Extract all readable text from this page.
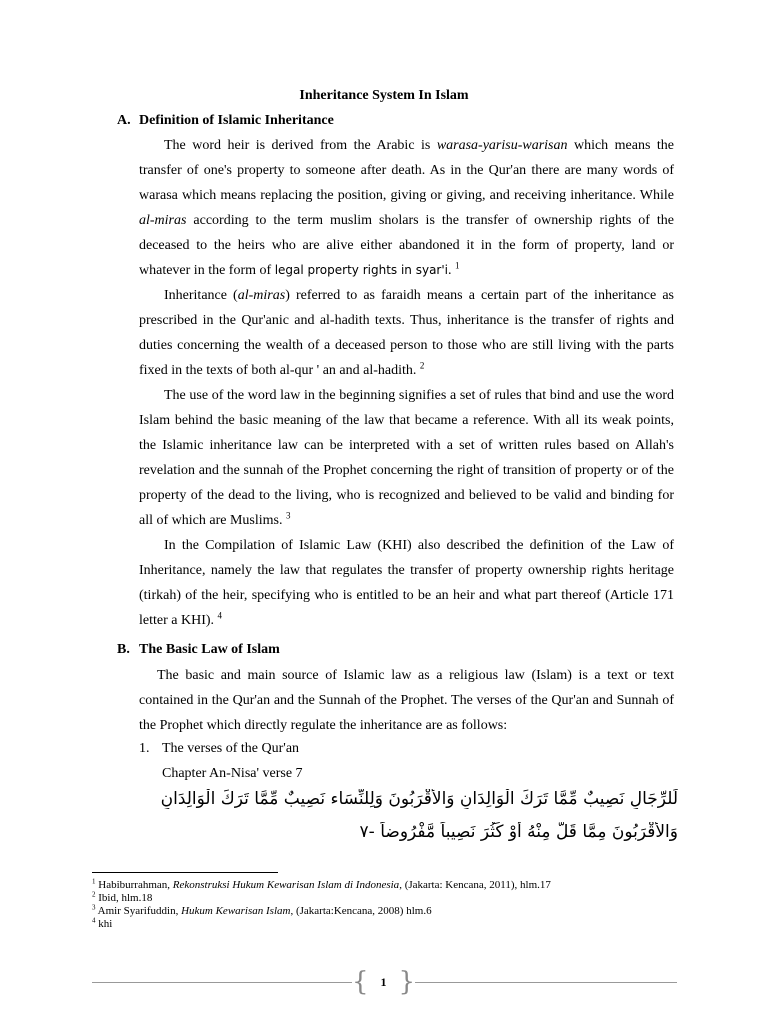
Inheritance System In Islam
A. Definition of Islamic Inheritance

The word heir is derived from the Arabic is warasa-yarisu-warisan which means the transfer of one's property to someone after death. As in the Qur'an there are many words of warasa which means replacing the position, giving or giving, and receiving inheritance. While al-miras according to the term muslim sholars is the transfer of ownership rights of the deceased to the heirs who are alive either abandoned it in the form of property, land or whatever in the form of legal property rights in syar'i. $^1$

Inheritance (al-miras) referred to as faraidh means a certain part of the inheritance as prescribed in the Qur'anic and al-hadith texts. Thus, inheritance is the transfer of rights and duties concerning the wealth of a deceased person to those who are still living with the parts fixed in the texts of both al-qur ' an and al-hadith. $^2$

The use of the word law in the beginning signifies a set of rules that bind and use the word Islam behind the basic meaning of the law that became a reference. With all its weak points, the Islamic inheritance law can be interpreted with a set of written rules based on Allah's revelation and the sunnah of the Prophet concerning the right of transition of property or of the property of the dead to the living, who is recognized and believed to be valid and binding for all of which are Muslims. $^3$

In the Compilation of Islamic Law (KHI) also described the definition of the Law of Inheritance, namely the law that regulates the transfer of property ownership rights heritage (tirkah) of the heir, specifying who is entitled to be an heir and what part thereof (Article 171 letter a KHI). $^4$

B. The Basic Law of Islam

The basic and main source of Islamic law as a religious law (Islam) is a text or text contained in the Qur'an and the Sunnah of the Prophet. The verses of the Qur'an and Sunnah of the Prophet which directly regulate the inheritance are as follows:

1. The verses of the Qur'an
Chapter An-Nisa' verse 7
لِّلرِّجَالِ نَصِيبٌ مِّمَّا تَرَكَ الْوَالِدَانِ وَالأَقْرَبُونَ وَلِلنِّسَاء نَصِيبٌ مِّمَّا تَرَكَ الْوَالِدَانِ
وَالأَقْرَبُونَ مِمَّا قَلَّ مِنْهُ أَوْ كَثُرَ نَصِيباً مَّفْرُوضاً -٧
$^1$ Habiburrahman, Rekonstruksi Hukum Kewarisan Islam di Indonesia, (Jakarta: Kencana, 2011), hlm.17
$^2$ Ibid, hlm.18
$^3$ Amir Syarifuddin, Hukum Kewarisan Islam, (Jakarta:Kencana, 2008) hlm.6
$^4$ khi
{ 1 }
